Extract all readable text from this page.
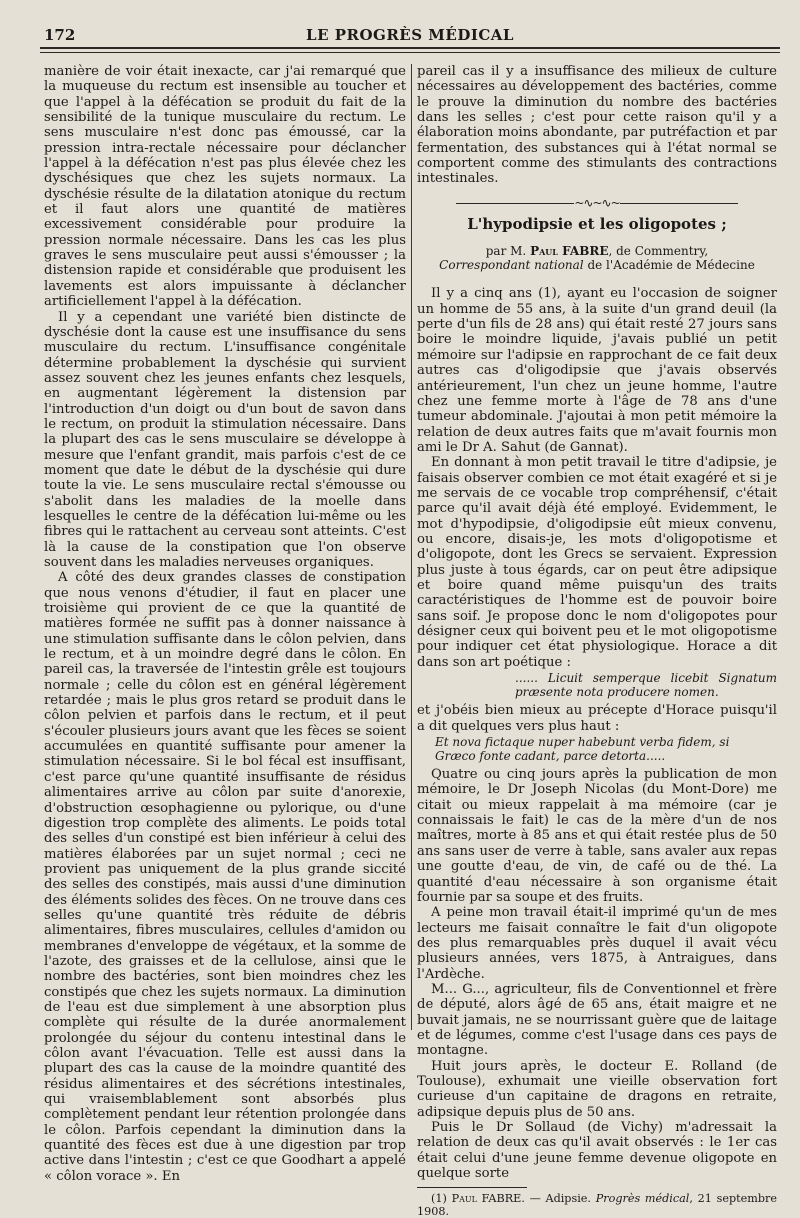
172	LE PROGRÈS MÉDICAL

manière de voir était inexacte, car j'ai remarqué que la muqueuse du rectum est insensible au toucher et que l'appel à la défécation se produit du fait de la sensibilité de la tunique musculaire du rectum. Le sens musculaire n'est donc pas émoussé, car la pression intra-rectale nécessaire pour déclancher l'appel à la défécation n'est pas plus élevée chez les dyschésiques que chez les sujets normaux. La dyschésie résulte de la dilatation atonique du rectum et il faut alors une quantité de matières excessivement considérable pour produire la pression normale nécessaire. Dans les cas les plus graves le sens musculaire peut aussi s'émousser ; la distension rapide et considérable que produisent les lavements est alors impuissante à déclancher artificiellement l'appel à la défécation.

Il y a cependant une variété bien distincte de dyschésie dont la cause est une insuffisance du sens musculaire du rectum. L'insuffisance congénitale détermine probablement la dyschésie qui survient assez souvent chez les jeunes enfants chez lesquels, en augmentant légèrement la distension par l'introduction d'un doigt ou d'un bout de savon dans le rectum, on produit la stimulation nécessaire. Dans la plupart des cas le sens musculaire se développe à mesure que l'enfant grandit, mais parfois c'est de ce moment que date le début de la dyschésie qui dure toute la vie. Le sens musculaire rectal s'émousse ou s'abolit dans les maladies de la moelle dans lesquelles le centre de la défécation lui-même ou les fibres qui le rattachent au cerveau sont atteints. C'est là la cause de la constipation que l'on observe souvent dans les maladies nerveuses organiques.

A côté des deux grandes classes de constipation que nous venons d'étudier, il faut en placer une troisième qui provient de ce que la quantité de matières formée ne suffit pas à donner naissance à une stimulation suffisante dans le côlon pelvien, dans le rectum, et à un moindre degré dans le côlon. En pareil cas, la traversée de l'intestin grêle est toujours normale ; celle du côlon est en général légèrement retardée ; mais le plus gros retard se produit dans le côlon pelvien et parfois dans le rectum, et il peut s'écouler plusieurs jours avant que les fèces se soient accumulées en quantité suffisante pour amener la stimulation nécessaire. Si le bol fécal est insuffisant, c'est parce qu'une quantité insuffisante de résidus alimentaires arrive au côlon par suite d'anorexie, d'obstruction œsophagienne ou pylorique, ou d'une digestion trop complète des aliments. Le poids total des selles d'un constipé est bien inférieur à celui des matières élaborées par un sujet normal ; ceci ne provient pas uniquement de la plus grande siccité des selles des constipés, mais aussi d'une diminution des éléments solides des fèces. On ne trouve dans ces selles qu'une quantité très réduite de débris alimentaires, fibres musculaires, cellules d'amidon ou membranes d'enveloppe de végétaux, et la somme de l'azote, des graisses et de la cellulose, ainsi que le nombre des bactéries, sont bien moindres chez les constipés que chez les sujets normaux. La diminution de l'eau est due simplement à une absorption plus complète qui résulte de la durée anormalement prolongée du séjour du contenu intestinal dans le côlon avant l'évacuation. Telle est aussi dans la plupart des cas la cause de la moindre quantité des résidus alimentaires et des sécrétions intestinales, qui vraisemblablement sont absorbés plus complètement pendant leur rétention prolongée dans le côlon. Parfois cependant la diminution dans la quantité des fèces est due à une digestion par trop active dans l'intestin ; c'est ce que Goodhart a appelé « côlon vorace ». En

pareil cas il y a insuffisance des milieux de culture nécessaires au développement des bactéries, comme le prouve la diminution du nombre des bactéries dans les selles ; c'est pour cette raison qu'il y a élaboration moins abondante, par putréfaction et par fermentation, des substances qui à l'état normal se comportent comme des stimulants des contractions intestinales.

~∿~∿~
L'hypodipsie et les oligopotes ;
par M. Paul FABRE, de Commentry,
Correspondant national de l'Académie de Médecine

Il y a cinq ans (1), ayant eu l'occasion de soigner un homme de 55 ans, à la suite d'un grand deuil (la perte d'un fils de 28 ans) qui était resté 27 jours sans boire le moindre liquide, j'avais publié un petit mémoire sur l'adipsie en rapprochant de ce fait deux autres cas d'oligodipsie que j'avais observés antérieurement, l'un chez un jeune homme, l'autre chez une femme morte à l'âge de 78 ans d'une tumeur abdominale. J'ajoutai à mon petit mémoire la relation de deux autres faits que m'avait fournis mon ami le Dr A. Sahut (de Gannat).

En donnant à mon petit travail le titre d'adipsie, je faisais observer combien ce mot était exagéré et si je me servais de ce vocable trop compréhensif, c'était parce qu'il avait déjà été employé. Evidemment, le mot d'hypodipsie, d'oligodipsie eût mieux convenu, ou encore, disais-je, les mots d'oligopotisme et d'oligopote, dont les Grecs se servaient. Expression plus juste à tous égards, car on peut être adipsique et boire quand même puisqu'un des traits caractéristiques de l'homme est de pouvoir boire sans soif. Je propose donc le nom d'oligopotes pour désigner ceux qui boivent peu et le mot oligopotisme pour indiquer cet état physiologique. Horace a dit dans son art poétique :

...... Licuit semperque licebit Signatum præsente nota producere nomen.

et j'obéis bien mieux au précepte d'Horace puisqu'il a dit quelques vers plus haut :

Et nova fictaque nuper habebunt verba fidem, si
Græco fonte cadant, parce detorta.....

Quatre ou cinq jours après la publication de mon mémoire, le Dr Joseph Nicolas (du Mont-Dore) me citait ou mieux rappelait à ma mémoire (car je connaissais le fait) le cas de la mère d'un de nos maîtres, morte à 85 ans et qui était restée plus de 50 ans sans user de verre à table, sans avaler aux repas une goutte d'eau, de vin, de café ou de thé. La quantité d'eau nécessaire à son organisme était fournie par sa soupe et des fruits.

A peine mon travail était-il imprimé qu'un de mes lecteurs me faisait connaître le fait d'un oligopote des plus remarquables près duquel il avait vécu plusieurs années, vers 1875, à Antraigues, dans l'Ardèche.

M... G..., agriculteur, fils de Conventionnel et frère de député, alors âgé de 65 ans, était maigre et ne buvait jamais, ne se nourrissant guère que de laitage et de légumes, comme c'est l'usage dans ces pays de montagne.

Huit jours après, le docteur E. Rolland (de Toulouse), exhumait une vieille observation fort curieuse d'un capitaine de dragons en retraite, adipsique depuis plus de 50 ans.

Puis le Dr Sollaud (de Vichy) m'adressait la relation de deux cas qu'il avait observés : le 1er cas était celui d'une jeune femme devenue oligopote en quelque sorte

(1) Paul FABRE. — Adipsie. Progrès médical, 21 septembre 1908.
